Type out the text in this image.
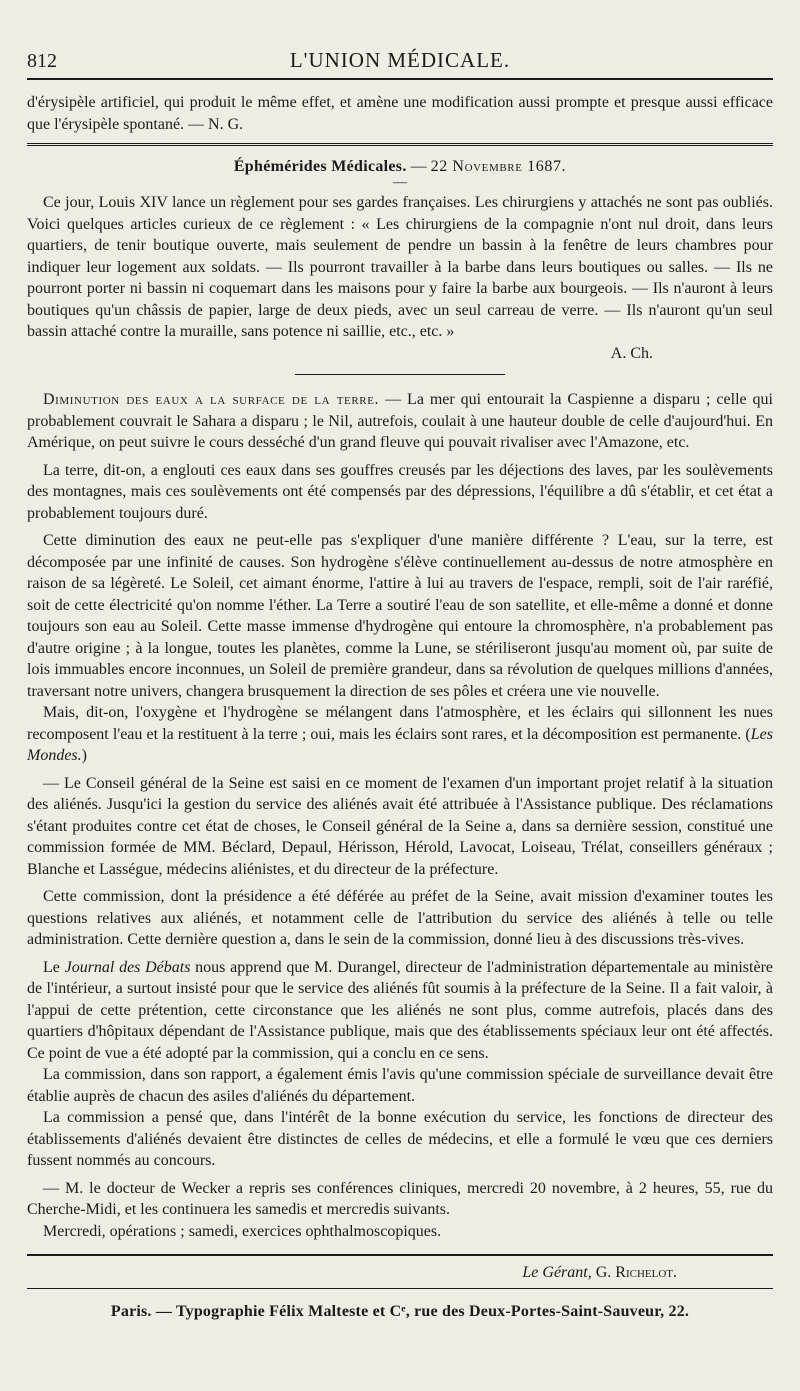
812	L'UNION MÉDICALE.

d'érysipèle artificiel, qui produit le même effet, et amène une modification aussi prompte et presque aussi efficace que l'érysipèle spontané. — N. G.

Éphémérides Médicales. — 22 Novembre 1687.
—

Ce jour, Louis XIV lance un règlement pour ses gardes françaises. Les chirurgiens y attachés ne sont pas oubliés. Voici quelques articles curieux de ce règlement : « Les chirurgiens de la compagnie n'ont nul droit, dans leurs quartiers, de tenir boutique ouverte, mais seulement de pendre un bassin à la fenêtre de leurs chambres pour indiquer leur logement aux soldats. — Ils pourront travailler à la barbe dans leurs boutiques ou salles. — Ils ne pourront porter ni bassin ni coquemart dans les maisons pour y faire la barbe aux bourgeois. — Ils n'auront à leurs boutiques qu'un châssis de papier, large de deux pieds, avec un seul carreau de verre. — Ils n'auront qu'un seul bassin attaché contre la muraille, sans potence ni saillie, etc., etc. »

A. Ch.

Diminution des eaux a la surface de la terre. — La mer qui entourait la Caspienne a disparu ; celle qui probablement couvrait le Sahara a disparu ; le Nil, autrefois, coulait à une hauteur double de celle d'aujourd'hui. En Amérique, on peut suivre le cours desséché d'un grand fleuve qui pouvait rivaliser avec l'Amazone, etc.

La terre, dit-on, a englouti ces eaux dans ses gouffres creusés par les déjections des laves, par les soulèvements des montagnes, mais ces soulèvements ont été compensés par des dépressions, l'équilibre a dû s'établir, et cet état a probablement toujours duré.

Cette diminution des eaux ne peut-elle pas s'expliquer d'une manière différente ? L'eau, sur la terre, est décomposée par une infinité de causes. Son hydrogène s'élève continuellement au-dessus de notre atmosphère en raison de sa légèreté. Le Soleil, cet aimant énorme, l'attire à lui au travers de l'espace, rempli, soit de l'air raréfié, soit de cette électricité qu'on nomme l'éther. La Terre a soutiré l'eau de son satellite, et elle-même a donné et donne toujours son eau au Soleil. Cette masse immense d'hydrogène qui entoure la chromosphère, n'a probablement pas d'autre origine ; à la longue, toutes les planètes, comme la Lune, se stériliseront jusqu'au moment où, par suite de lois immuables encore inconnues, un Soleil de première grandeur, dans sa révolution de quelques millions d'années, traversant notre univers, changera brusquement la direction de ses pôles et créera une vie nouvelle.

Mais, dit-on, l'oxygène et l'hydrogène se mélangent dans l'atmosphère, et les éclairs qui sillonnent les nues recomposent l'eau et la restituent à la terre ; oui, mais les éclairs sont rares, et la décomposition est permanente. (Les Mondes.)

— Le Conseil général de la Seine est saisi en ce moment de l'examen d'un important projet relatif à la situation des aliénés. Jusqu'ici la gestion du service des aliénés avait été attribuée à l'Assistance publique. Des réclamations s'étant produites contre cet état de choses, le Conseil général de la Seine a, dans sa dernière session, constitué une commission formée de MM. Béclard, Depaul, Hérisson, Hérold, Lavocat, Loiseau, Trélat, conseillers généraux ; Blanche et Lasségue, médecins aliénistes, et du directeur de la préfecture.

Cette commission, dont la présidence a été déférée au préfet de la Seine, avait mission d'examiner toutes les questions relatives aux aliénés, et notamment celle de l'attribution du service des aliénés à telle ou telle administration. Cette dernière question a, dans le sein de la commission, donné lieu à des discussions très-vives.

Le Journal des Débats nous apprend que M. Durangel, directeur de l'administration départementale au ministère de l'intérieur, a surtout insisté pour que le service des aliénés fût soumis à la préfecture de la Seine. Il a fait valoir, à l'appui de cette prétention, cette circonstance que les aliénés ne sont plus, comme autrefois, placés dans des quartiers d'hôpitaux dépendant de l'Assistance publique, mais que des établissements spéciaux leur ont été affectés. Ce point de vue a été adopté par la commission, qui a conclu en ce sens.

La commission, dans son rapport, a également émis l'avis qu'une commission spéciale de surveillance devait être établie auprès de chacun des asiles d'aliénés du département.

La commission a pensé que, dans l'intérêt de la bonne exécution du service, les fonctions de directeur des établissements d'aliénés devaient être distinctes de celles de médecins, et elle a formulé le vœu que ces derniers fussent nommés au concours.

— M. le docteur de Wecker a repris ses conférences cliniques, mercredi 20 novembre, à 2 heures, 55, rue du Cherche-Midi, et les continuera les samedis et mercredis suivants.

Mercredi, opérations ; samedi, exercices ophthalmoscopiques.

Le Gérant, G. Richelot.
Paris. — Typographie Félix Malteste et Cᵉ, rue des Deux-Portes-Saint-Sauveur, 22.
